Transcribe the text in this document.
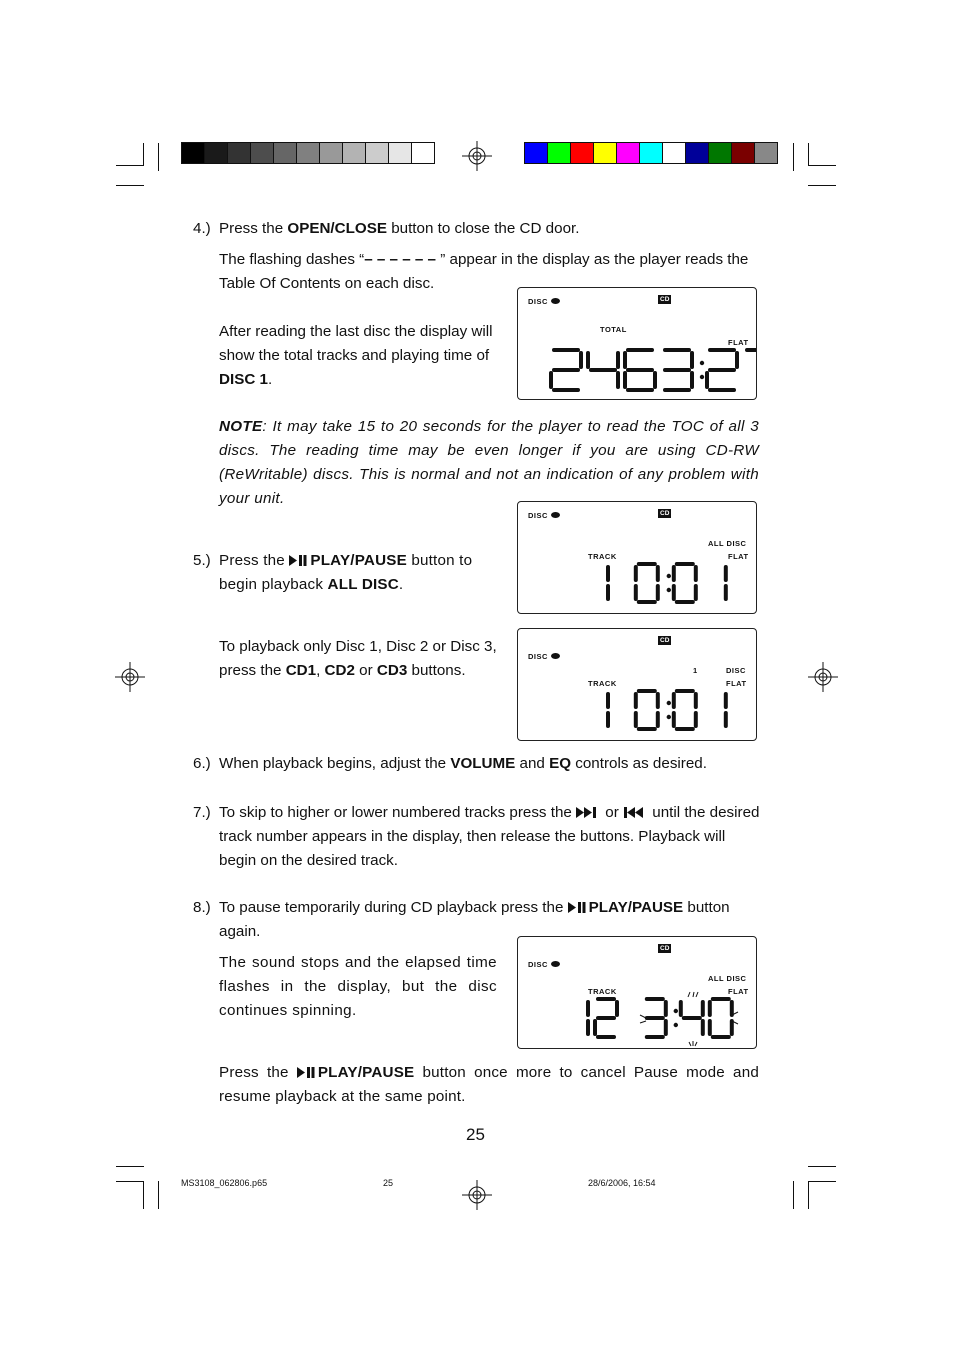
4.) Press the OPEN/CLOSE button to close the CD door.
The flashing dashes “– – – – – – ” appear in the display as the player reads the
Table Of Contents on each disc.
After reading the last disc the display will
show the total tracks and playing time of
DISC 1.
DISC	CD
TOTAL
FLAT
NOTE: It may take 15 to 20 seconds for the player to read the TOC of all 3 discs. The reading time may be even longer if you are using CD-RW (ReWritable) discs. This is normal and not an indication of any problem with your unit.
5.) Press the PLAY/PAUSE button to
begin playback ALL DISC.
To playback only Disc 1, Disc 2 or Disc 3,
press the CD1, CD2 or CD3 buttons.
DISC	CD
ALL DISC
TRACK	FLAT
CD
DISC
1	DISC
TRACK	FLAT
6.) When playback begins, adjust the VOLUME and EQ controls as desired.
7.) To skip to higher or lower numbered tracks press the  or  until the desired
track number appears in the display, then release the buttons. Playback will
begin on the desired track.
8.) To pause temporarily during CD playback press the PLAY/PAUSE button
again.
The sound stops and the elapsed time flashes in the display, but the disc continues spinning.
CD
DISC
ALL DISC
TRACK	FLAT
Press the PLAY/PAUSE button once more to cancel Pause mode and resume playback at the same point.
25
MS3108_062806.p65	25	28/6/2006, 16:54
